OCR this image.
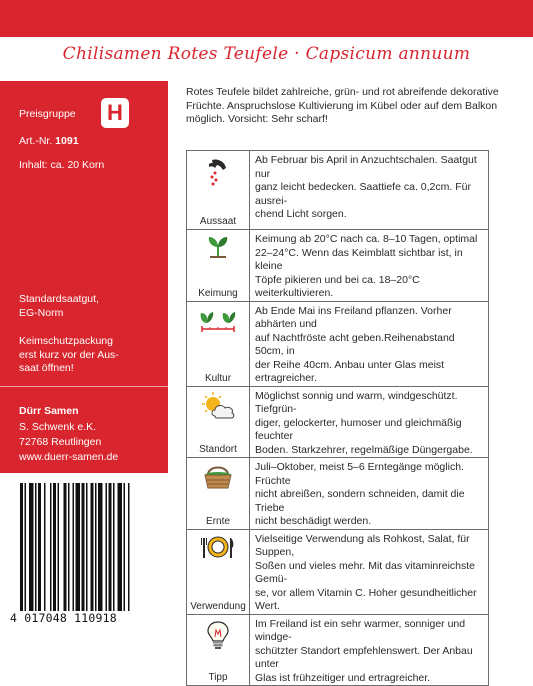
Chilisamen Rotes Teufele · Capsicum annuum
Preisgruppe H
Art.-Nr. 1091
Inhalt: ca. 20 Korn
Standardsaatgut,
EG-Norm
Keimschutzpackung
erst kurz vor der Aus-
saat öffnen!
Dürr Samen
S. Schwenk e.K.
72768 Reutlingen
www.duerr-samen.de
4 017048 110918
Rotes Teufele bildet zahlreiche, grün- und rot abreifende dekorative
Früchte. Anspruchslose Kultivierung im Kübel oder auf dem Balkon
möglich. Vorsicht: Sehr scharf!
Aussaat	Ab Februar bis April in Anzuchtschalen. Saatgut nur
ganz leicht bedecken. Saattiefe ca. 0,2cm. Für ausrei-
chend Licht sorgen.

Keimung	Keimung ab 20°C nach ca. 8–10 Tagen, optimal
22–24°C. Wenn das Keimblatt sichtbar ist, in kleine
Töpfe pikieren und bei ca. 18–20°C weiterkultivieren.

Kultur	Ab Ende Mai ins Freiland pflanzen. Vorher abhärten und
auf Nachtfröste acht geben.Reihenabstand 50cm, in
der Reihe 40cm. Anbau unter Glas meist ertragreicher.

Standort	Möglichst sonnig und warm, windgeschützt. Tiefgrün-
diger, gelockerter, humoser und gleichmäßig feuchter
Boden. Starkzehrer, regelmäßige Düngergabe.

Ernte	Juli–Oktober, meist 5–6 Erntegänge möglich. Früchte
nicht abreißen, sondern schneiden, damit die Triebe
nicht beschädigt werden.

Verwendung	Vielseitige Verwendung als Rohkost, Salat, für Suppen,
Soßen und vieles mehr. Mit das vitaminreichste Gemü-
se, vor allem Vitamin C. Hoher gesundheitlicher Wert.

Tipp	Im Freiland ist ein sehr warmer, sonniger und windge-
schützter Standort empfehlenswert. Der Anbau unter
Glas ist frühzeitiger und ertragreicher.
